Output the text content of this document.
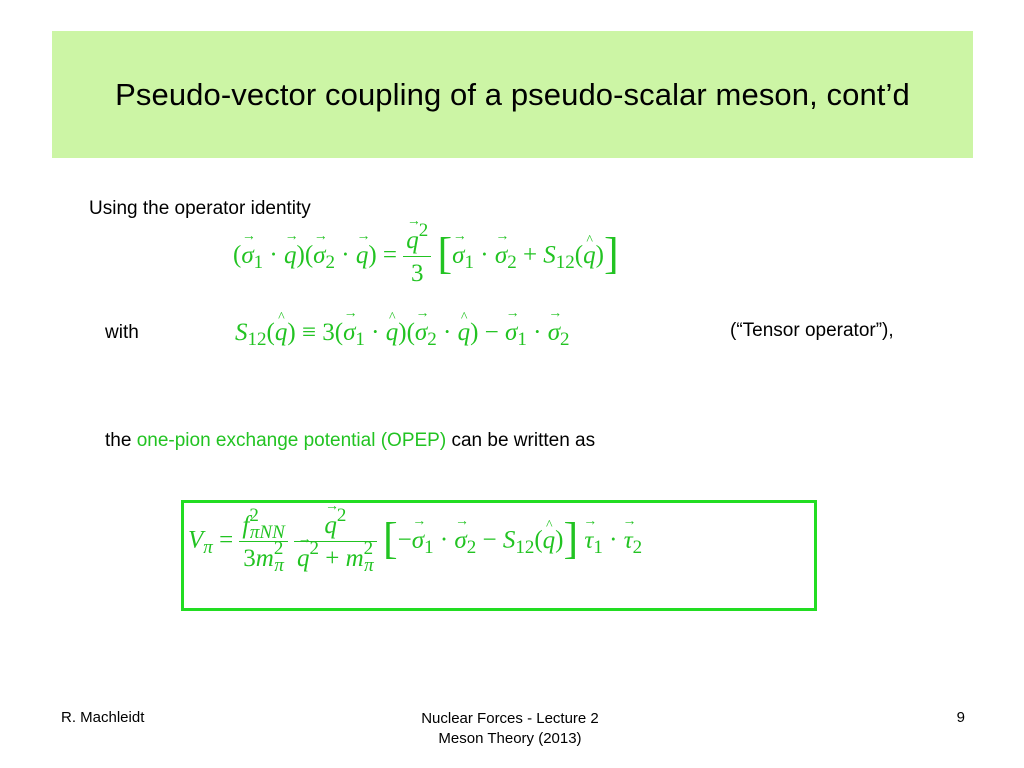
Pseudo-vector coupling of a pseudo-scalar meson, cont’d
Using the operator identity
(→ $\sigma_1$ · → $q)(\to \sigma_2$ · → q) = → $\frac{q^2}{3}$ [→ $\sigma_1$ · → $\sigma_2$ + $S_{12}(\^{}$ q)]
with	$S_{12}(\^{}$ $q) \equiv 3(\to \sigma_1$ · ^ $q)(\to \sigma_2$ · ^ q) − → $\sigma_1$ · → $\sigma_2$	(“Tensor operator”),
the one-pion exchange potential (OPEP) can be written as
$V_\pi = \frac{f^2_{\pi NN}}{3m^2_\pi}$
→ $q^2$
→ $q^2 + m^2_\pi$ [−→ $\sigma_1$ · → $\sigma_2$ − $S_{12}(\^{}$ $q)] \to \tau_1$ · → $\tau_2$
R. Machleidt	Nuclear Forces - Lecture 2
Meson Theory (2013)
9
